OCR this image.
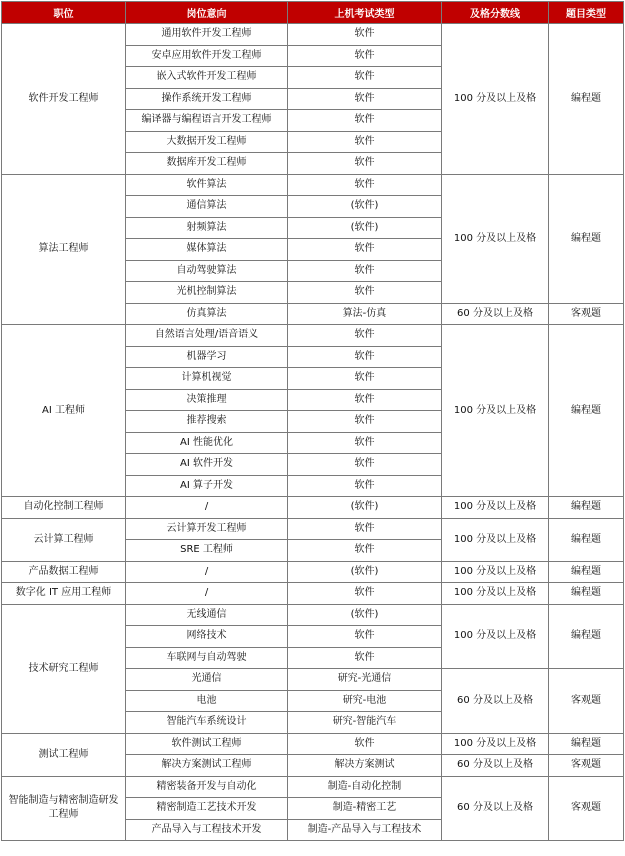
职位	岗位意向	上机考试类型	及格分数线	题目类型
软件开发工程师	通用软件开发工程师	软件	100 分及以上及格	编程题
	安卓应用软件开发工程师	软件		
	嵌入式软件开发工程师	软件		
	操作系统开发工程师	软件		
	编译器与编程语言开发工程师	软件		
	大数据开发工程师	软件		
	数据库开发工程师	软件		
算法工程师	软件算法	软件	100 分及以上及格	编程题
	通信算法	(软件)		
	射频算法	(软件)		
	媒体算法	软件		
	自动驾驶算法	软件		
	光机控制算法	软件		
	仿真算法	算法-仿真	60 分及以上及格	客观题
AI 工程师	自然语言处理/语音语义	软件	100 分及以上及格	编程题
	机器学习	软件		
	计算机视觉	软件		
	决策推理	软件		
	推荐搜索	软件		
	AI 性能优化	软件		
	AI 软件开发	软件		
	AI 算子开发	软件		
自动化控制工程师	/	(软件)	100 分及以上及格	编程题
云计算工程师	云计算开发工程师	软件	100 分及以上及格	编程题
	SRE 工程师	软件		
产品数据工程师	/	(软件)	100 分及以上及格	编程题
数字化 IT 应用工程师	/	软件	100 分及以上及格	编程题
技术研究工程师	无线通信	(软件)	100 分及以上及格	编程题
	网络技术	软件		
	车联网与自动驾驶	软件		
	光通信	研究-光通信	60 分及以上及格	客观题
	电池	研究-电池		
	智能汽车系统设计	研究-智能汽车		
测试工程师	软件测试工程师	软件	100 分及以上及格	编程题
	解决方案测试工程师	解决方案测试	60 分及以上及格	客观题
智能制造与精密制造研发工程师	精密装备开发与自动化	制造-自动化控制	60 分及以上及格	客观题
	精密制造工艺技术开发	制造-精密工艺		
	产品导入与工程技术开发	制造-产品导入与工程技术		
